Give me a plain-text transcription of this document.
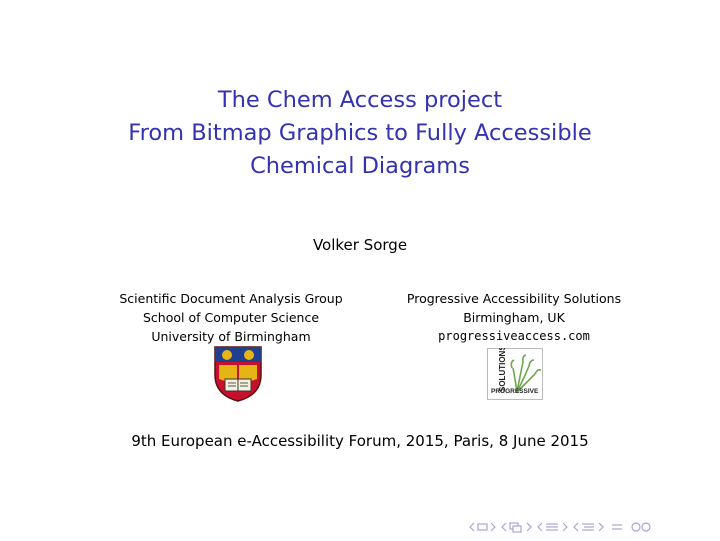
The Chem Access project
From Bitmap Graphics to Fully Accessible
Chemical Diagrams
Volker Sorge
Scientific Document Analysis Group
School of Computer Science
University of Birmingham
Progressive Accessibility Solutions
Birmingham, UK
progressiveaccess.com
SOLUTIONS
PROGRESSIVE
9th European e-Accessibility Forum, 2015, Paris, 8 June 2015
